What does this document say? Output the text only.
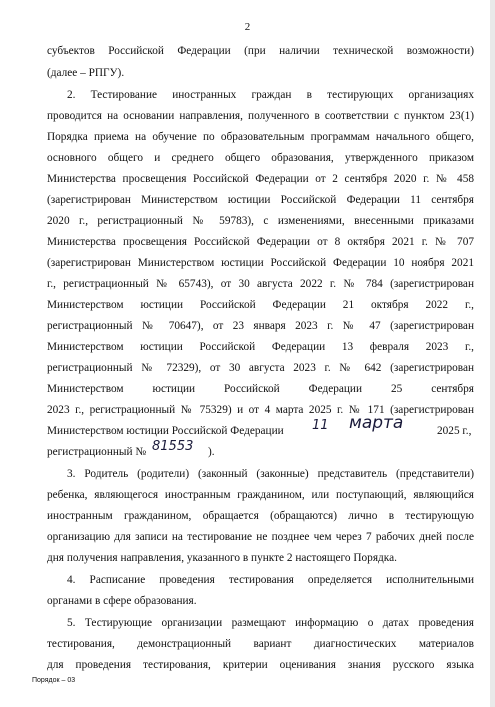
2
субъектов Российской Федерации (при наличии технической возможности)
(далее – РПГУ).
2. Тестирование иностранных граждан в тестирующих организациях
проводится на основании направления, полученного в соответствии с пунктом 23(1)
Порядка приема на обучение по образовательным программам начального общего,
основного общего и среднего общего образования, утвержденного приказом
Министерства просвещения Российской Федерации от 2 сентября 2020 г. № 458
(зарегистрирован Министерством юстиции Российской Федерации 11 сентября
2020 г., регистрационный № 59783), с изменениями, внесенными приказами
Министерства просвещения Российской Федерации от 8 октября 2021 г. № 707
(зарегистрирован Министерством юстиции Российской Федерации 10 ноября 2021
г., регистрационный № 65743), от 30 августа 2022 г. № 784 (зарегистрирован
Министерством юстиции Российской Федерации 21 октября 2022 г.,
регистрационный № 70647), от 23 января 2023 г. № 47 (зарегистрирован
Министерством юстиции Российской Федерации 13 февраля 2023 г.,
регистрационный № 72329), от 30 августа 2023 г. № 642 (зарегистрирован
Министерством юстиции Российской Федерации 25 сентября
2023 г., регистрационный № 75329) и от 4 марта 2025 г. № 171 (зарегистрирован
Министерством юстиции Российской Федерации 11 марта	2025 г.,
регистрационный № 81553 ).
3. Родитель (родители) (законный (законные) представитель (представители)
ребенка, являющегося иностранным гражданином, или поступающий, являющийся
иностранным гражданином, обращается (обращаются) лично в тестирующую
организацию для записи на тестирование не позднее чем через 7 рабочих дней после
дня получения направления, указанного в пункте 2 настоящего Порядка.
4. Расписание проведения тестирования определяется исполнительными
органами в сфере образования.
5. Тестирующие организации размещают информацию о датах проведения
тестирования, демонстрационный вариант диагностических материалов
для проведения тестирования, критерии оценивания знания русского языка
Порядок – 03
